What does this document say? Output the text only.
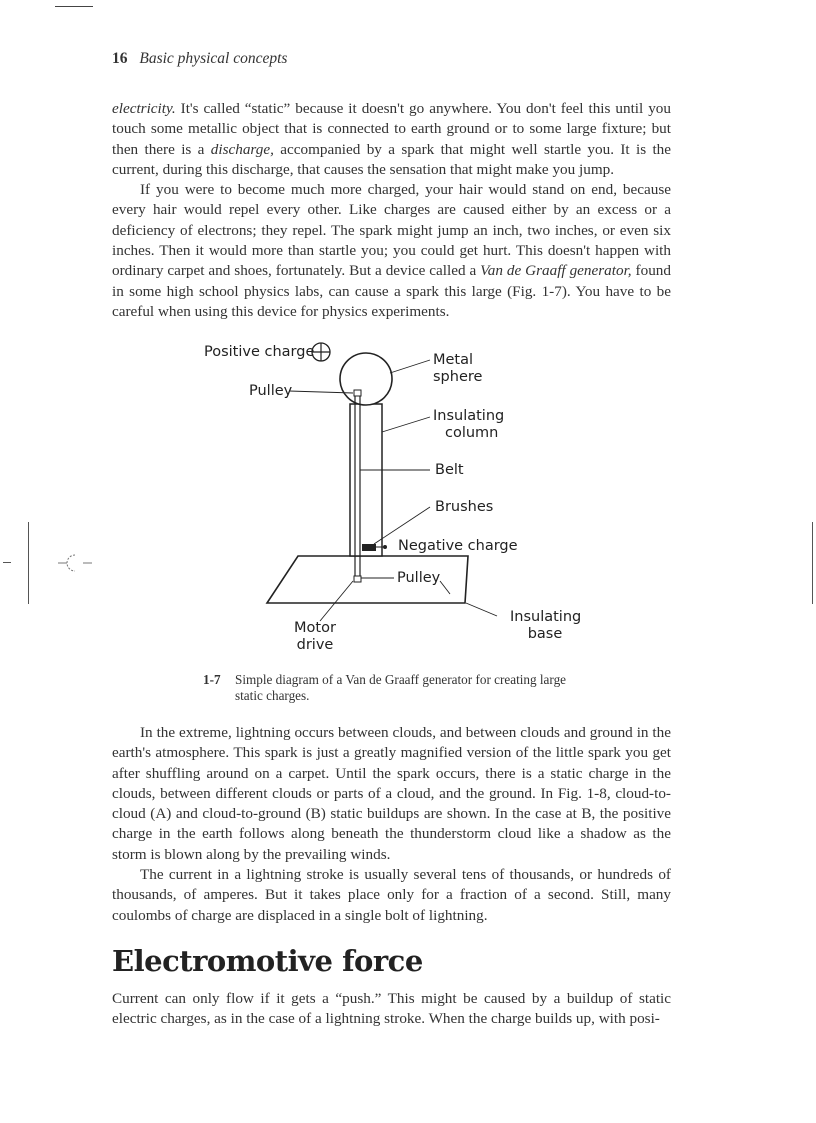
16 Basic physical concepts

electricity. It's called “static” because it doesn't go anywhere. You don't feel this until you touch some metallic object that is connected to earth ground or to some large fixture; but then there is a discharge, accompanied by a spark that might well startle you. It is the current, during this discharge, that causes the sensation that might make you jump.

If you were to become much more charged, your hair would stand on end, because every hair would repel every other. Like charges are caused either by an excess or a deficiency of electrons; they repel. The spark might jump an inch, two inches, or even six inches. Then it would more than startle you; you could get hurt. This doesn't happen with ordinary carpet and shoes, fortunately. But a device called a Van de Graaff generator, found in some high school physics labs, can cause a spark this large (Fig. 1-7). You have to be careful when using this device for physics experiments.

Positive charge	Metal
sphere
Pulley
Insulating
column
Belt
Brushes
Negative charge
Pulley
Insulating
base
Motor
drive
1-7 Simple diagram of a Van de Graaff generator for creating large static charges.

In the extreme, lightning occurs between clouds, and between clouds and ground in the earth's atmosphere. This spark is just a greatly magnified version of the little spark you get after shuffling around on a carpet. Until the spark occurs, there is a static charge in the clouds, between different clouds or parts of a cloud, and the ground. In Fig. 1-8, cloud-to-cloud (A) and cloud-to-ground (B) static buildups are shown. In the case at B, the positive charge in the earth follows along beneath the thunderstorm cloud like a shadow as the storm is blown along by the prevailing winds.

The current in a lightning stroke is usually several tens of thousands, or hundreds of thousands, of amperes. But it takes place only for a fraction of a second. Still, many coulombs of charge are displaced in a single bolt of lightning.

Electromotive force

Current can only flow if it gets a “push.” This might be caused by a buildup of static electric charges, as in the case of a lightning stroke. When the charge builds up, with posi-
